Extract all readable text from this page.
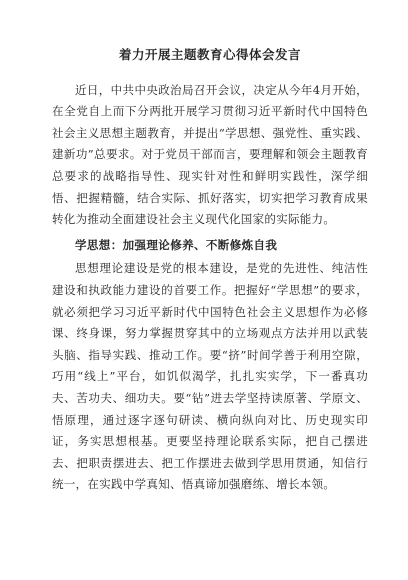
着力开展主题教育心得体会发言

近日，中共中央政治局召开会议，决定从今年4月开始，在全党自上而下分两批开展学习贯彻习近平新时代中国特色社会主义思想主题教育，并提出“学思想、强党性、重实践、建新功”总要求。对于党员干部而言，要理解和领会主题教育总要求的战略指导性、现实针对性和鲜明实践性，深学细悟、把握精髓，结合实际、抓好落实，切实把学习教育成果转化为推动全面建设社会主义现代化国家的实际能力。

学思想：加强理论修养、不断修炼自我

思想理论建设是党的根本建设，是党的先进性、纯洁性建设和执政能力建设的首要工作。把握好“学思想”的要求，就必须把学习习近平新时代中国特色社会主义思想作为必修课、终身课，努力掌握贯穿其中的立场观点方法并用以武装头脑、指导实践、推动工作。要“挤”时间学善于利用空隙，巧用“线上”平台，如饥似渴学，扎扎实实学，下一番真功夫、苦功夫、细功夫。要“钻”进去学坚持读原著、学原文、悟原理，通过逐字逐句研读、横向纵向对比、历史现实印证，务实思想根基。更要坚持理论联系实际，把自己摆进去、把职责摆进去、把工作摆进去做到学思用贯通，知信行统一，在实践中学真知、悟真谛加强磨练、增长本领。
